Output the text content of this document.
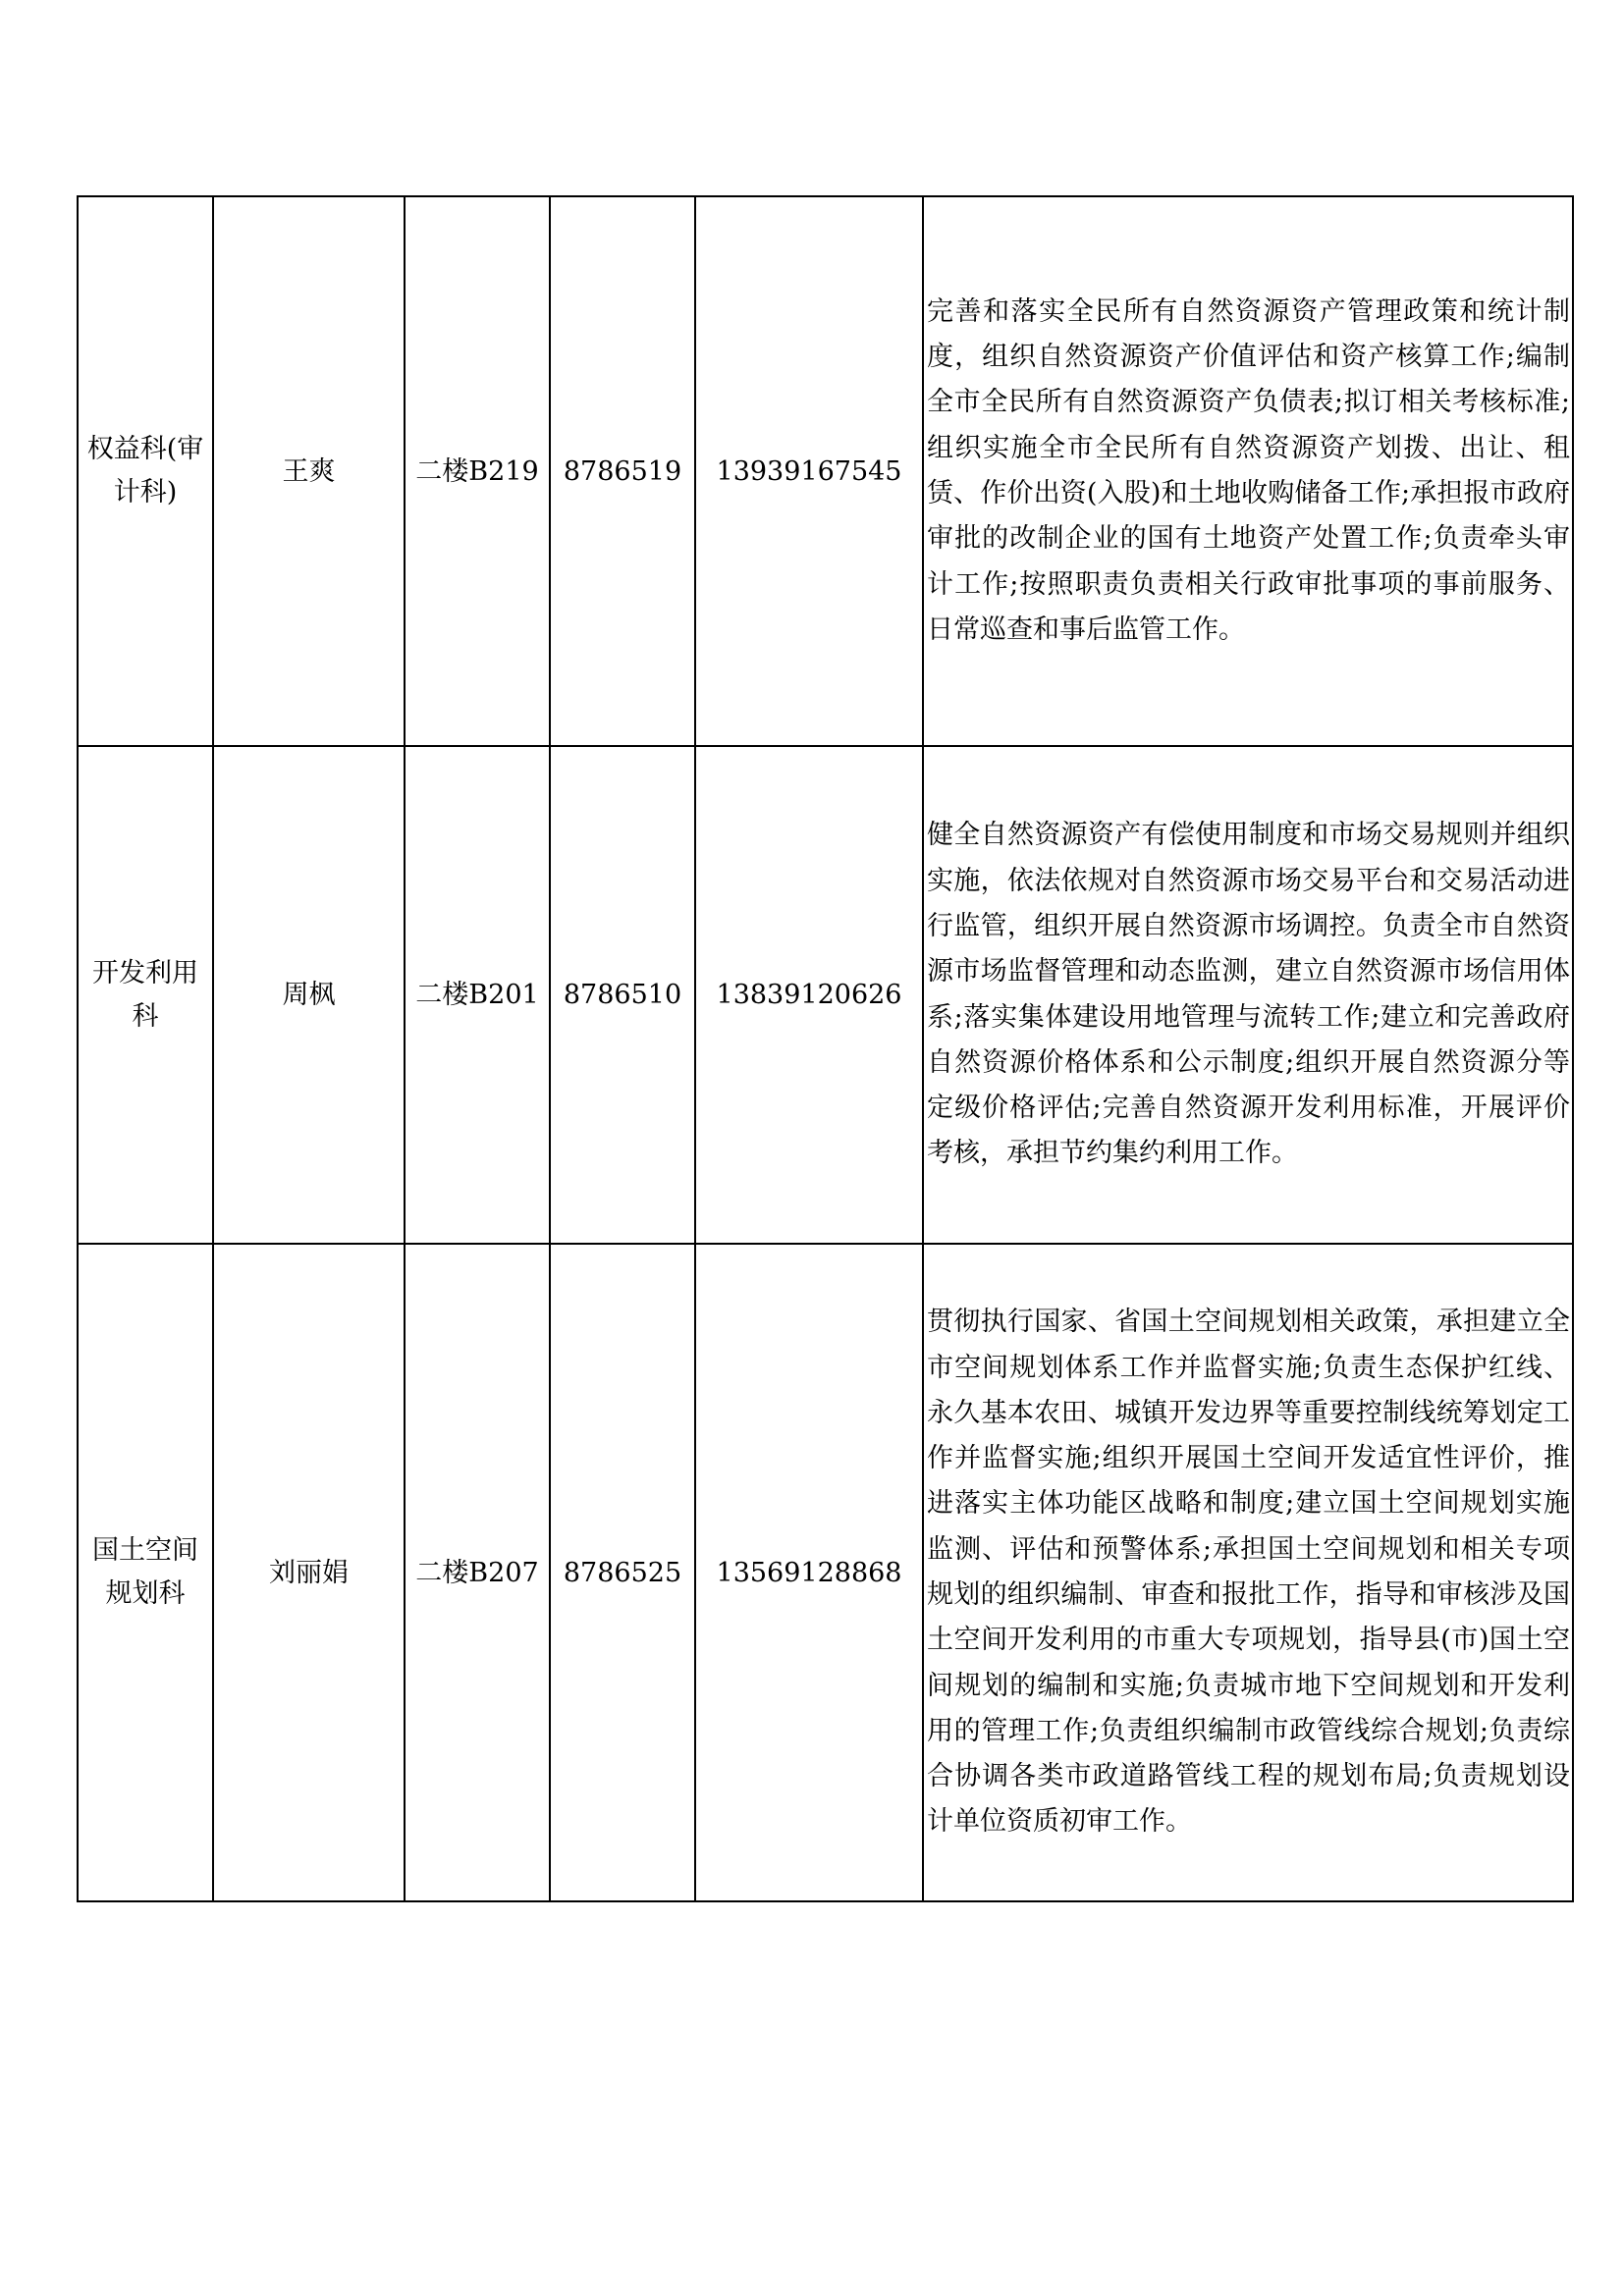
权益科(审计科)	王爽	二楼B219	8786519	13939167545	完善和落实全民所有自然资源资产管理政策和统计制度，组织自然资源资产价值评估和资产核算工作;编制全市全民所有自然资源资产负债表;拟订相关考核标准;组织实施全市全民所有自然资源资产划拨、出让、租赁、作价出资(入股)和土地收购储备工作;承担报市政府审批的改制企业的国有土地资产处置工作;负责牵头审计工作;按照职责负责相关行政审批事项的事前服务、日常巡查和事后监管工作。
开发利用科	周枫	二楼B201	8786510	13839120626	健全自然资源资产有偿使用制度和市场交易规则并组织实施，依法依规对自然资源市场交易平台和交易活动进行监管，组织开展自然资源市场调控。负责全市自然资源市场监督管理和动态监测，建立自然资源市场信用体系;落实集体建设用地管理与流转工作;建立和完善政府自然资源价格体系和公示制度;组织开展自然资源分等定级价格评估;完善自然资源开发利用标准，开展评价考核，承担节约集约利用工作。
国土空间规划科	刘丽娟	二楼B207	8786525	13569128868	贯彻执行国家、省国土空间规划相关政策，承担建立全市空间规划体系工作并监督实施;负责生态保护红线、永久基本农田、城镇开发边界等重要控制线统筹划定工作并监督实施;组织开展国土空间开发适宜性评价，推进落实主体功能区战略和制度;建立国土空间规划实施监测、评估和预警体系;承担国土空间规划和相关专项规划的组织编制、审查和报批工作，指导和审核涉及国土空间开发利用的市重大专项规划，指导县(市)国土空间规划的编制和实施;负责城市地下空间规划和开发利用的管理工作;负责组织编制市政管线综合规划;负责综合协调各类市政道路管线工程的规划布局;负责规划设计单位资质初审工作。
